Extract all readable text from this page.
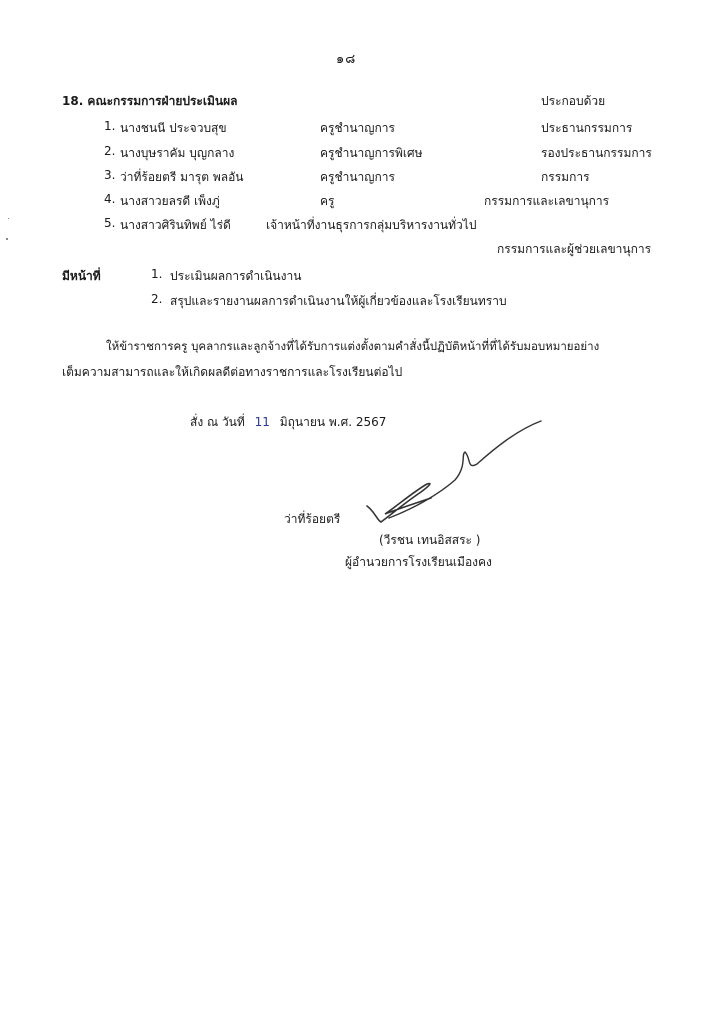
๑๘
18. คณะกรรมการฝ่ายประเมินผล	ประกอบด้วย
1. นางชนนี ประจวบสุข	ครูชำนาญการ	ประธานกรรมการ
2. นางบุษราคัม บุญกลาง	ครูชำนาญการพิเศษ	รองประธานกรรมการ
3. ว่าที่ร้อยตรี มารุต พลอัน	ครูชำนาญการ	กรรมการ
4. นางสาวยลรดี เพ็งภู่	ครู	กรรมการและเลขานุการ
5. นางสาวศิรินทิพย์ ไร่ดี	เจ้าหน้าที่งานธุรการกลุ่มบริหารงานทั่วไป
กรรมการและผู้ช่วยเลขานุการ
มีหน้าที่	1. ประเมินผลการดำเนินงาน
2. สรุปและรายงานผลการดำเนินงานให้ผู้เกี่ยวข้องและโรงเรียนทราบ
ให้ข้าราชการครู บุคลากรและลูกจ้างที่ได้รับการแต่งตั้งตามคำสั่งนี้ปฏิบัติหน้าที่ที่ได้รับมอบหมายอย่าง
เต็มความสามารถและให้เกิดผลดีต่อทางราชการและโรงเรียนต่อไป
สั่ง ณ วันที่ 11 มิถุนายน พ.ศ. 2567
ว่าที่ร้อยตรี
(วีรชน เทนอิสสระ )
ผู้อำนวยการโรงเรียนเมืองคง
